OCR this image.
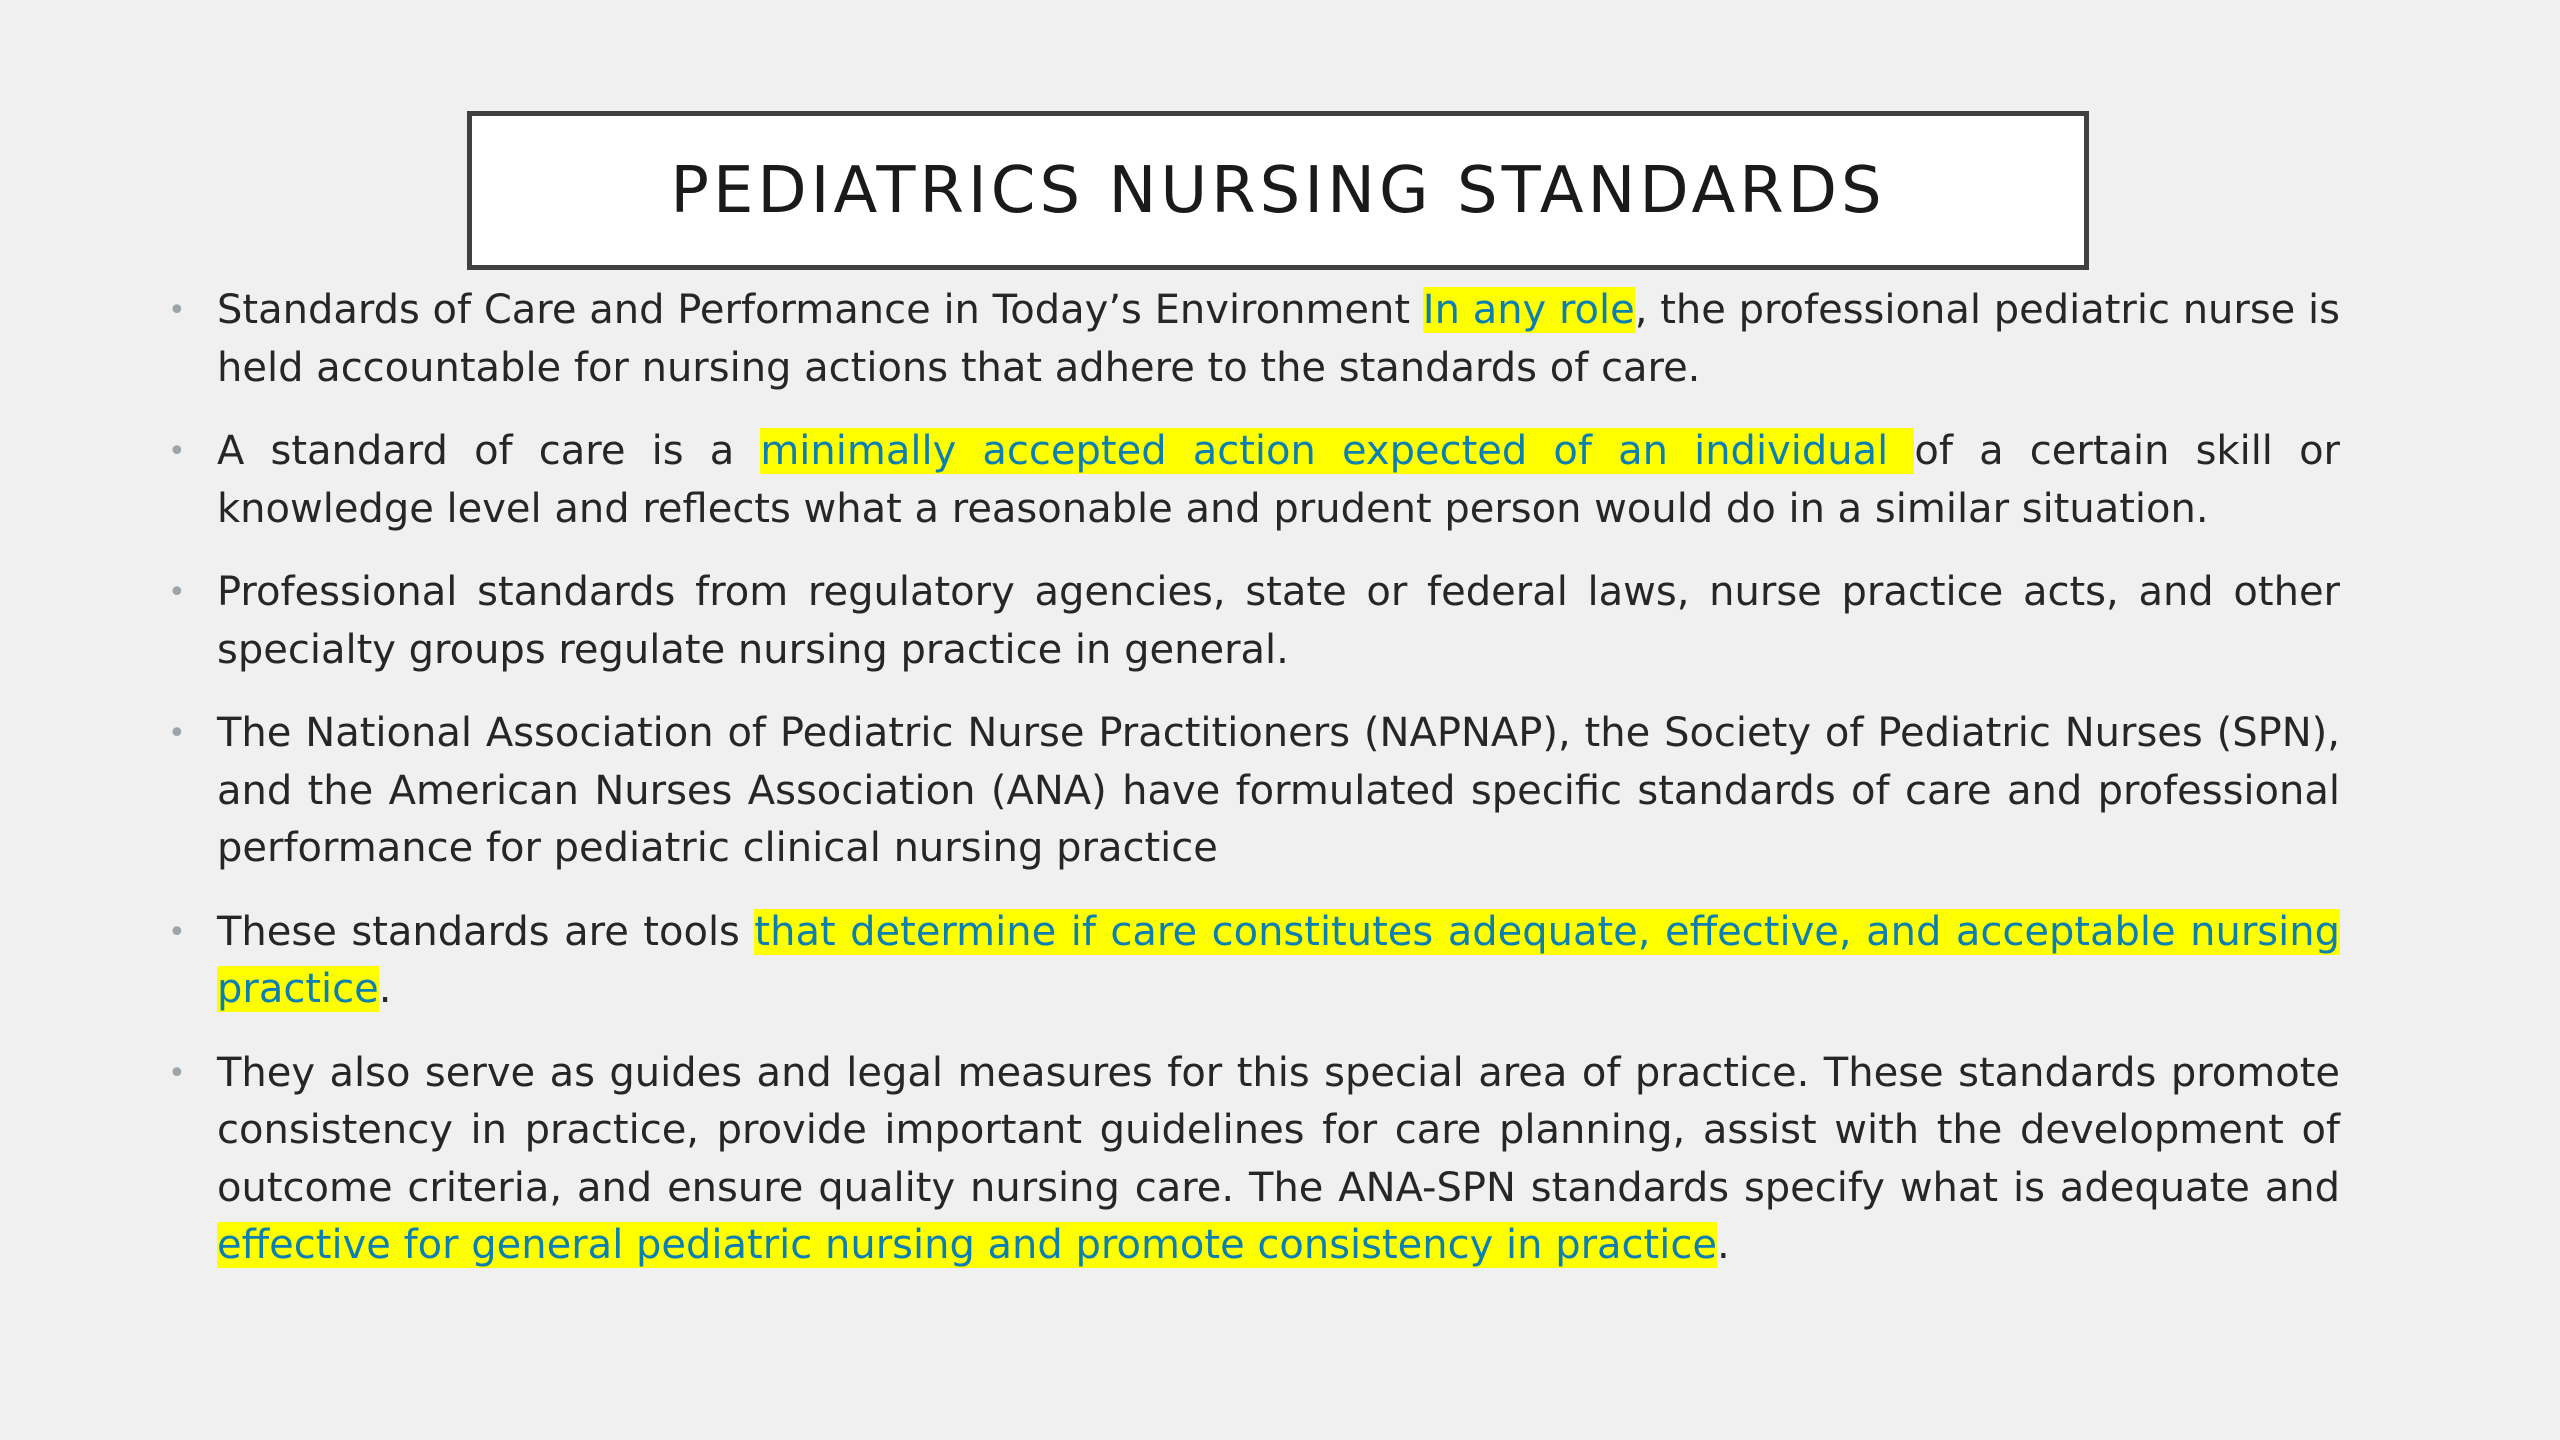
PEDIATRICS NURSING STANDARDS
• Standards of Care and Performance in Today’s Environment In any role, the professional pediatric nurse is held accountable for nursing actions that adhere to the standards of care.
• A standard of care is a minimally accepted action expected of an individual of a certain skill or knowledge level and reflects what a reasonable and prudent person would do in a similar situation.
• Professional standards from regulatory agencies, state or federal laws, nurse practice acts, and other specialty groups regulate nursing practice in general.
• The National Association of Pediatric Nurse Practitioners (NAPNAP), the Society of Pediatric Nurses (SPN), and the American Nurses Association (ANA) have formulated specific standards of care and professional performance for pediatric clinical nursing practice
• These standards are tools that determine if care constitutes adequate, effective, and acceptable nursing practice.
• They also serve as guides and legal measures for this special area of practice. These standards promote consistency in practice, provide important guidelines for care planning, assist with the development of outcome criteria, and ensure quality nursing care. The ANA-SPN standards specify what is adequate and effective for general pediatric nursing and promote consistency in practice.
